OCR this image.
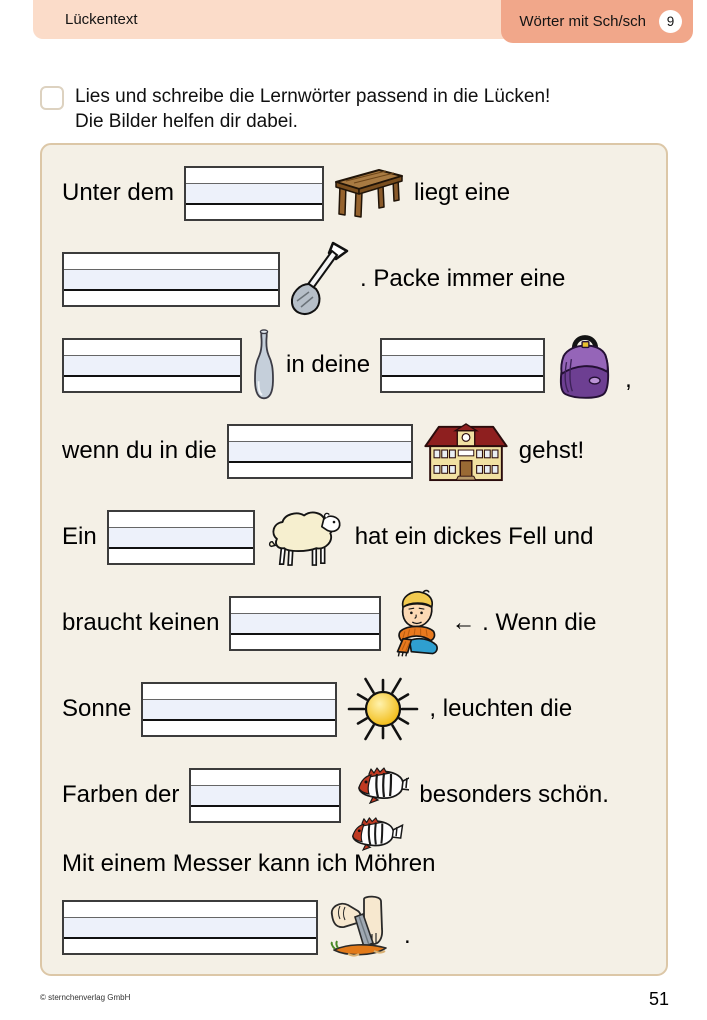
Lückentext	Wörter mit Sch/sch	9
Lies und schreibe die Lernwörter passend in die Lücken!
Die Bilder helfen dir dabei.
Unter dem	liegt eine
. Packe immer eine
in deine
,
wenn du in die	gehst!
Ein	hat ein dickes Fell und
braucht keinen	← . Wenn die
Sonne	, leuchten die
Farben der	besonders schön.
Mit einem Messer kann ich Möhren
.
© sternchenverlag GmbH	51
